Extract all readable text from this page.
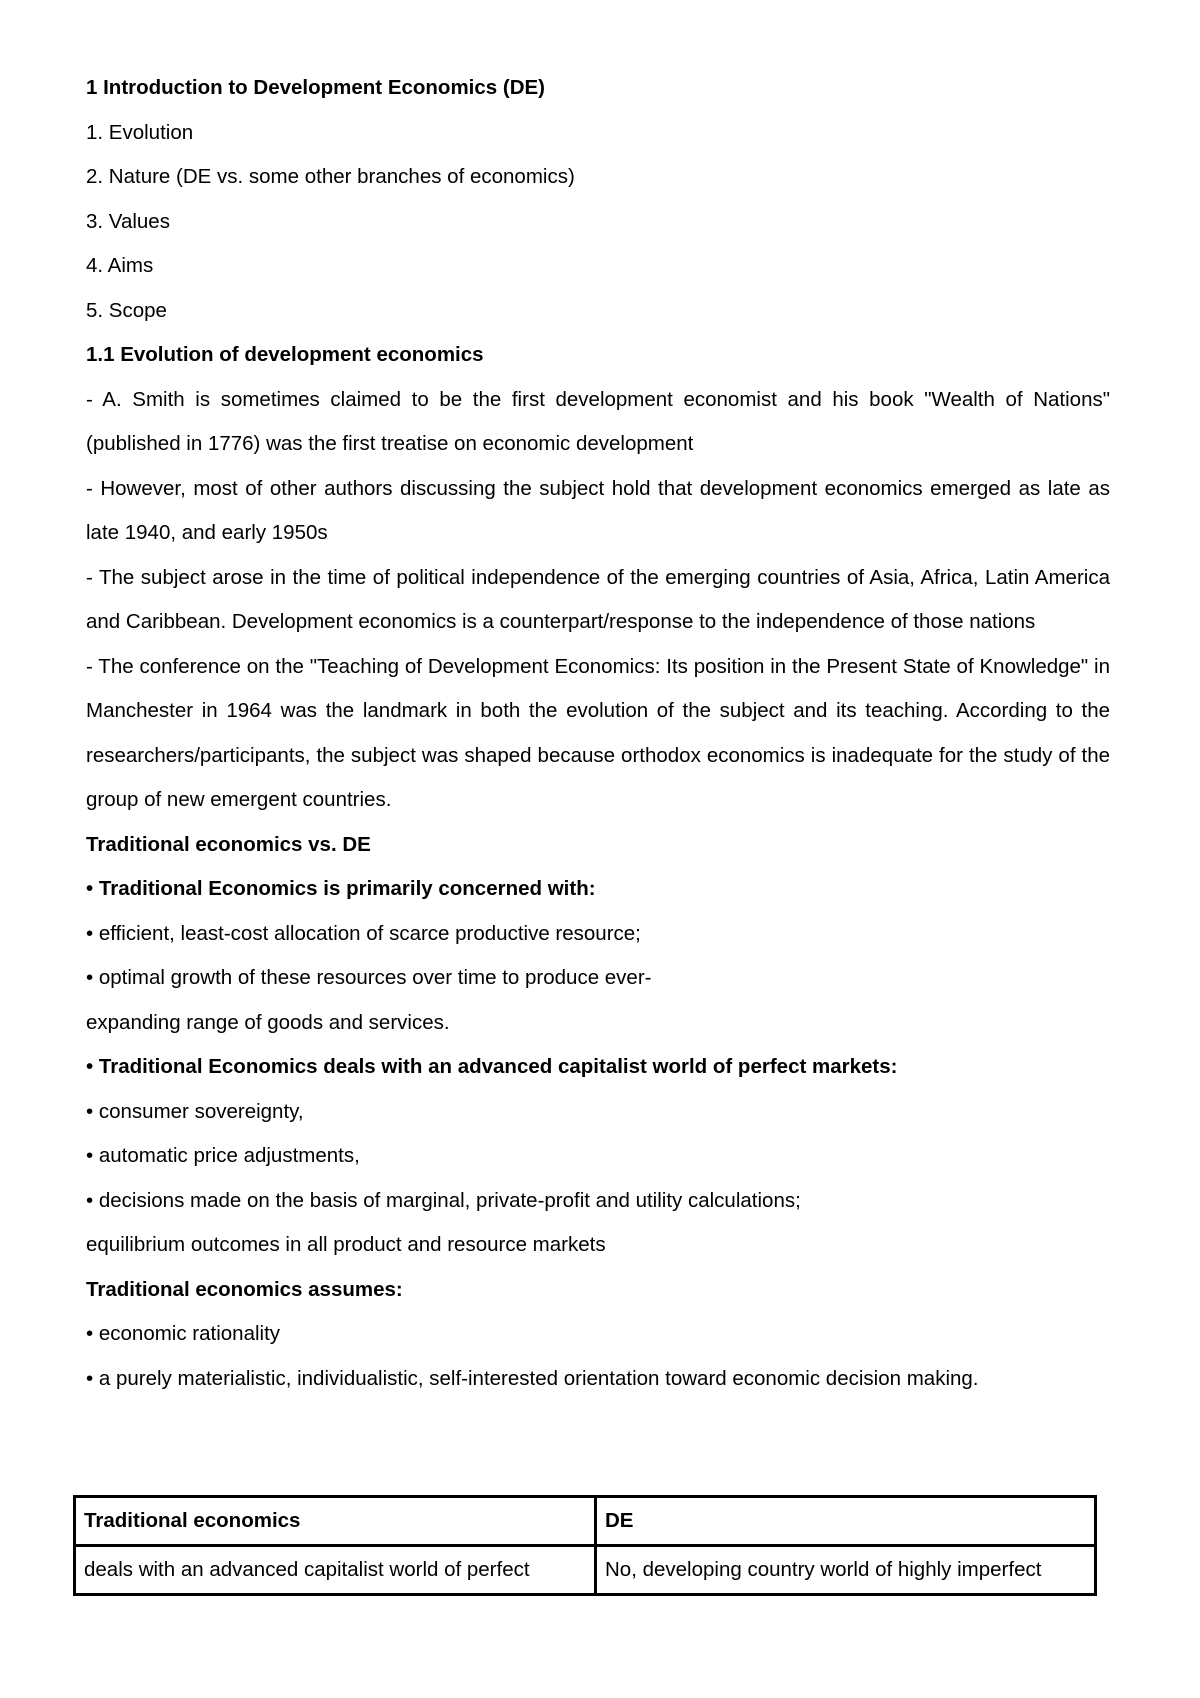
1 Introduction to Development Economics (DE)

1. Evolution

2. Nature (DE vs. some other branches of economics)

3. Values

4. Aims

5. Scope

1.1 Evolution of development economics

- A. Smith is sometimes claimed to be the first development economist and his book "Wealth of Nations" (published in 1776) was the first treatise on economic development

- However, most of other authors discussing the subject hold that development economics emerged as late as late 1940, and early 1950s

- The subject arose in the time of political independence of the emerging countries of Asia, Africa, Latin America and Caribbean. Development economics is a counterpart/response to the independence of those nations

- The conference on the "Teaching of Development Economics: Its position in the Present State of Knowledge" in Manchester in 1964 was the landmark in both the evolution of the subject and its teaching. According to the researchers/participants, the subject was shaped because orthodox economics is inadequate for the study of the group of new emergent countries.

Traditional economics vs. DE

• Traditional Economics is primarily concerned with:

• efficient, least-cost allocation of scarce productive resource;

• optimal growth of these resources over time to produce ever-

expanding range of goods and services.

• Traditional Economics deals with an advanced capitalist world of perfect markets:

• consumer sovereignty,

• automatic price adjustments,

• decisions made on the basis of marginal, private-profit and utility calculations;

equilibrium outcomes in all product and resource markets

Traditional economics assumes:

• economic rationality

• a purely materialistic, individualistic, self-interested orientation toward economic decision making.

Traditional economics	DE
deals with an advanced capitalist world of perfect	No, developing country world of highly imperfect
